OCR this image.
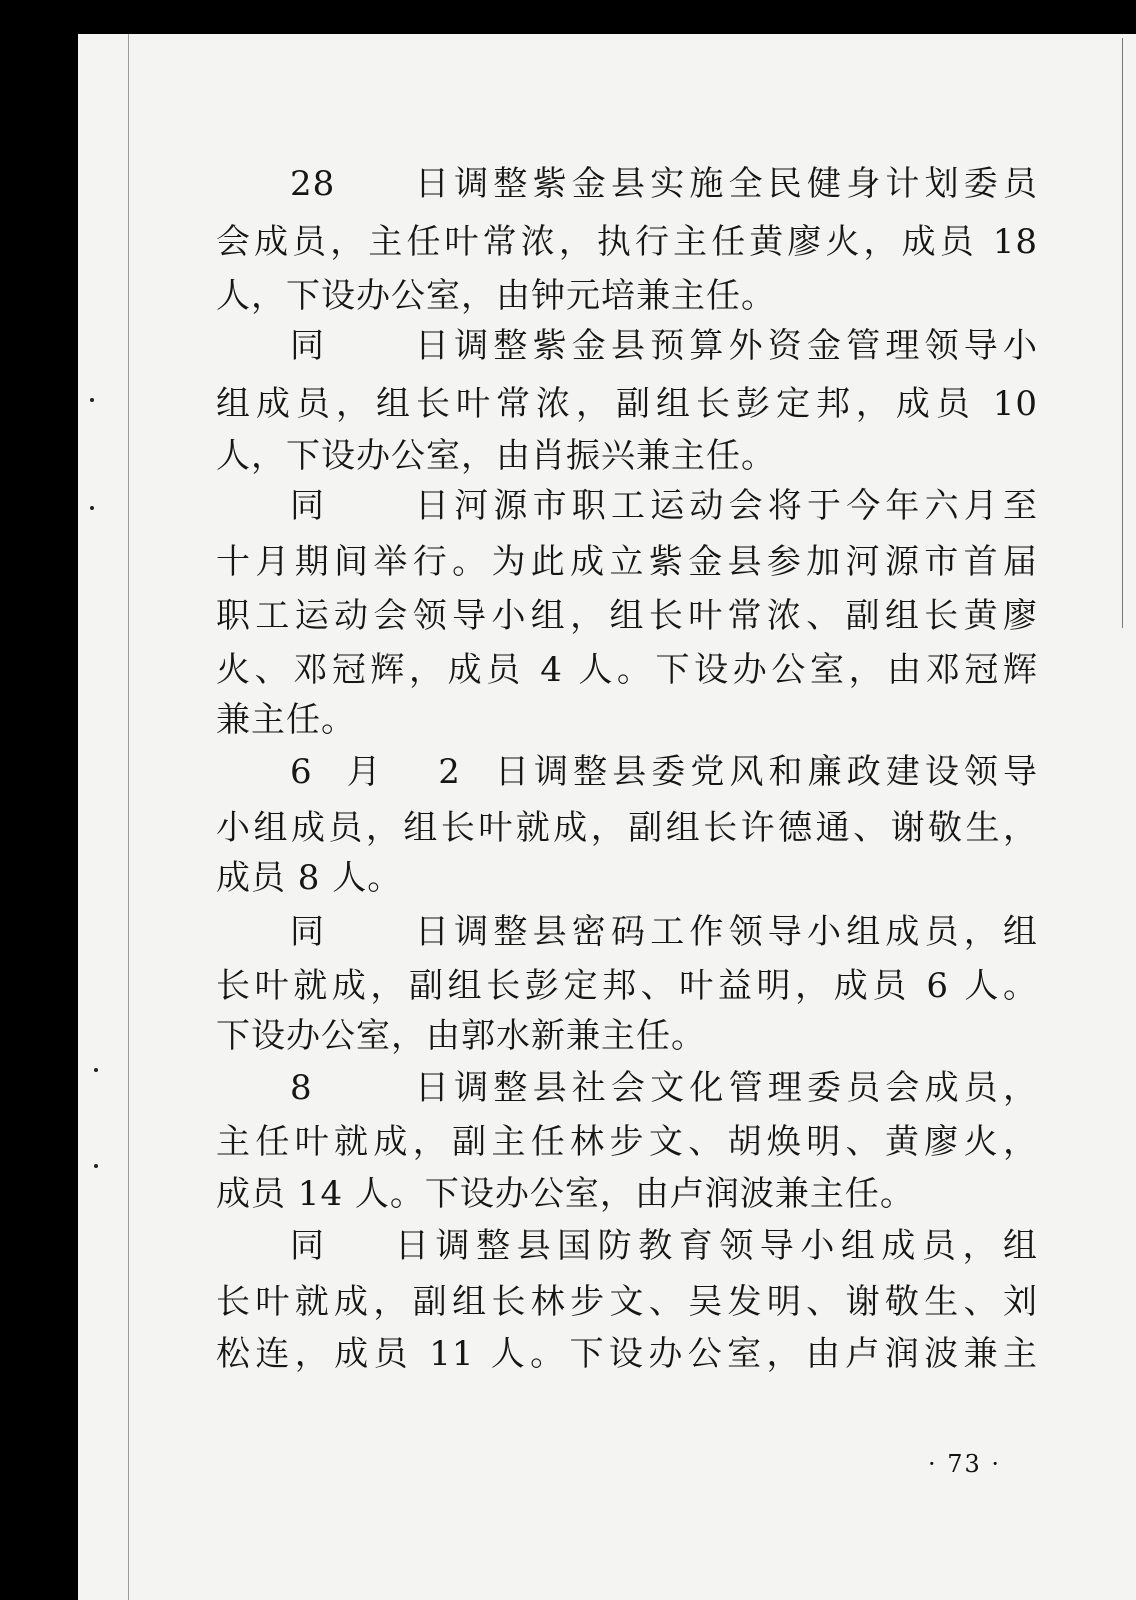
28 日调整紫金县实施全民健身计划委员
会成员，主任叶常浓，执行主任黄廖火，成员 18
人，下设办公室，由钟元培兼主任。
同日调整紫金县预算外资金管理领导小
组成员，组长叶常浓，副组长彭定邦，成员 10
人，下设办公室，由肖振兴兼主任。
同日河源市职工运动会将于今年六月至
十月期间举行。为此成立紫金县参加河源市首届
职工运动会领导小组，组长叶常浓、副组长黄廖
火、邓冠辉，成员 4 人。下设办公室，由邓冠辉
兼主任。
6 月 2 日调整县委党风和廉政建设领导
小组成员，组长叶就成，副组长许德通、谢敬生，
成员 8 人。
同日调整县密码工作领导小组成员，组
长叶就成，副组长彭定邦、叶益明，成员 6 人。
下设办公室，由郭水新兼主任。
8 日调整县社会文化管理委员会成员，
主任叶就成，副主任林步文、胡焕明、黄廖火，
成员 14 人。下设办公室，由卢润波兼主任。
同日调整县国防教育领导小组成员，组
长叶就成，副组长林步文、吴发明、谢敬生、刘
松连，成员 11 人。下设办公室，由卢润波兼主
· 73 ·
